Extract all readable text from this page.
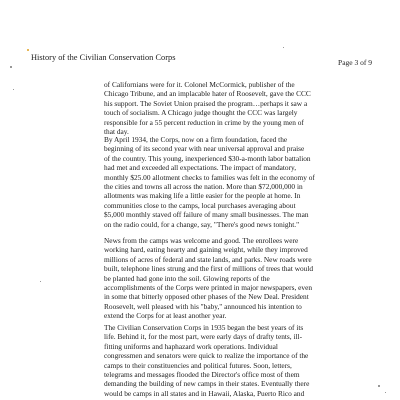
History of the Civilian Conservation Corps
Page 3 of 9

of Californians were for it. Colonel McCormick, publisher of the

Chicago Tribune, and an implacable hater of Roosevelt, gave the CCC

his support. The Soviet Union praised the program…perhaps it saw a

touch of socialism. A Chicago judge thought the CCC was largely

responsible for a 55 percent reduction in crime by the young men of

that day.

By April 1934, the Corps, now on a firm foundation, faced the

beginning of its second year with near universal approval and praise

of the country. This young, inexperienced $30-a-month labor battalion

had met and exceeded all expectations. The impact of mandatory,

monthly $25.00 allotment checks to families was felt in the economy of

the cities and towns all across the nation. More than $72,000,000 in

allotments was making life a little easier for the people at home. In

communities close to the camps, local purchases averaging about

$5,000 monthly staved off failure of many small businesses. The man

on the radio could, for a change, say, "There's good news tonight."

News from the camps was welcome and good. The enrollees were

working hard, eating hearty and gaining weight, while they improved

millions of acres of federal and state lands, and parks. New roads were

built, telephone lines strung and the first of millions of trees that would

be planted had gone into the soil. Glowing reports of the

accomplishments of the Corps were printed in major newspapers, even

in some that bitterly opposed other phases of the New Deal. President

Roosevelt, well pleased with his "baby," announced his intention to

extend the Corps for at least another year.

The Civilian Conservation Corps in 1935 began the best years of its

life. Behind it, for the most part, were early days of drafty tents, ill-

fitting uniforms and haphazard work operations. Individual

congressmen and senators were quick to realize the importance of the

camps to their constituencies and political futures. Soon, letters,

telegrams and messages flooded the Director's office most of them

demanding the building of new camps in their states. Eventually there

would be camps in all states and in Hawaii, Alaska, Puerto Rico and
